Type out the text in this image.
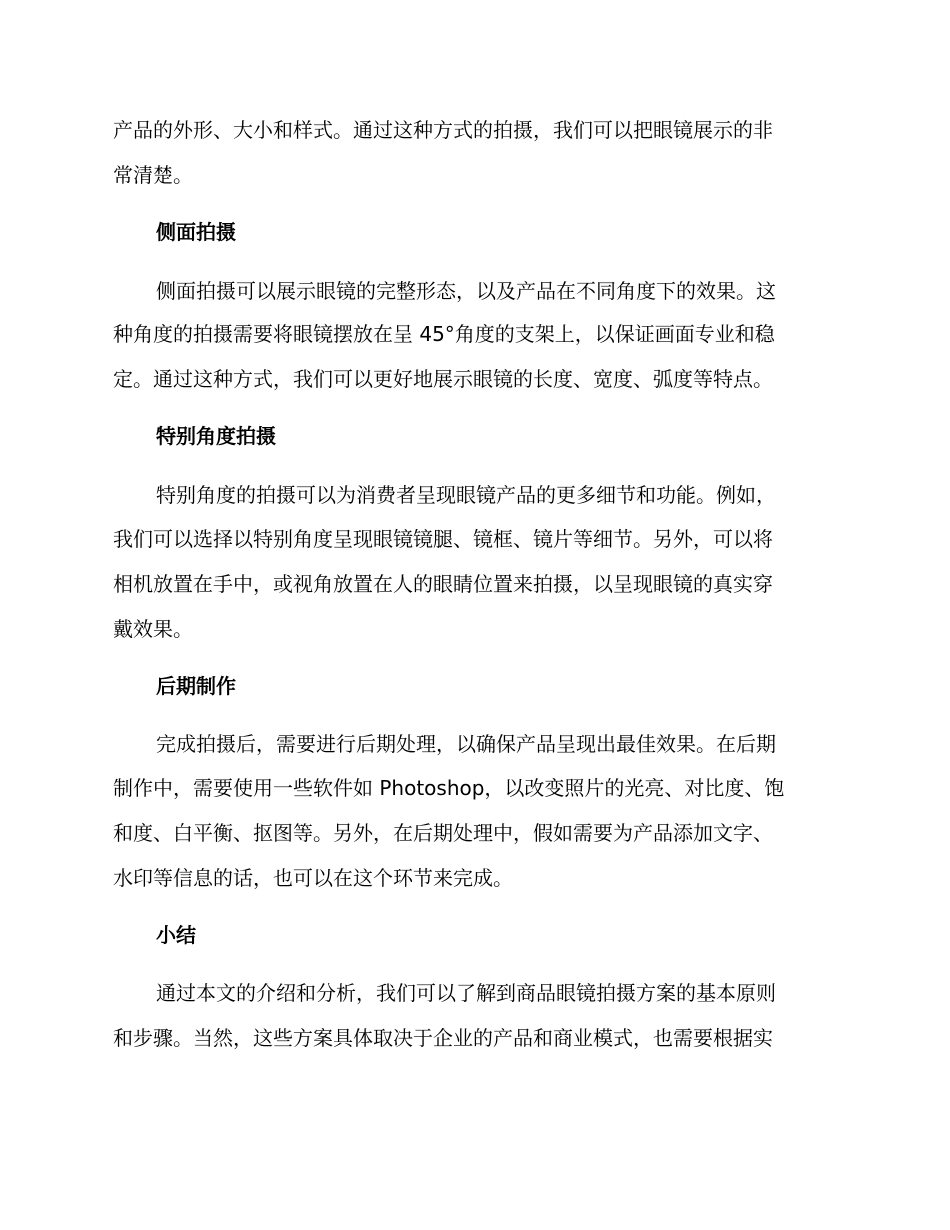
产品的外形、大小和样式。通过这种方式的拍摄，我们可以把眼镜展示的非
常清楚。
侧面拍摄
侧面拍摄可以展示眼镜的完整形态，以及产品在不同角度下的效果。这
种角度的拍摄需要将眼镜摆放在呈 45°角度的支架上，以保证画面专业和稳
定。通过这种方式，我们可以更好地展示眼镜的长度、宽度、弧度等特点。
特别角度拍摄
特别角度的拍摄可以为消费者呈现眼镜产品的更多细节和功能。例如，
我们可以选择以特别角度呈现眼镜镜腿、镜框、镜片等细节。另外，可以将
相机放置在手中，或视角放置在人的眼睛位置来拍摄，以呈现眼镜的真实穿
戴效果。
后期制作
完成拍摄后，需要进行后期处理，以确保产品呈现出最佳效果。在后期
制作中，需要使用一些软件如 Photoshop，以改变照片的光亮、对比度、饱
和度、白平衡、抠图等。另外，在后期处理中，假如需要为产品添加文字、
水印等信息的话，也可以在这个环节来完成。
小结
通过本文的介绍和分析，我们可以了解到商品眼镜拍摄方案的基本原则
和步骤。当然，这些方案具体取决于企业的产品和商业模式，也需要根据实
